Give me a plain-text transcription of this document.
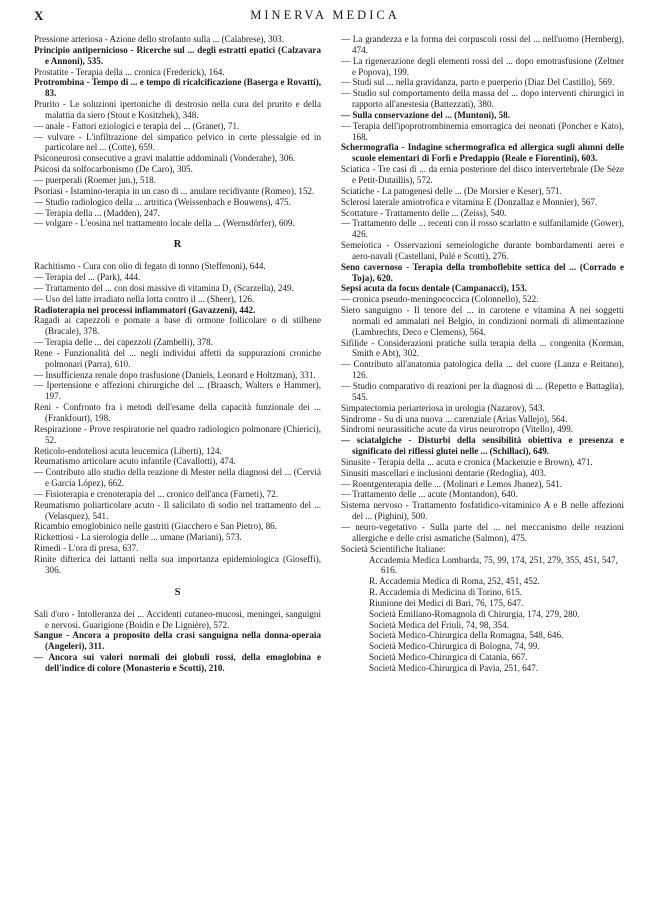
X	MINERVA MEDICA

Pressione arteriosa - Azione dello strofanto sulla ... (Calabrese), 303.

Principio antipernicioso - Ricerche sul ... degli estratti epatici (Calzavara e Annoni), 535.

Prostatite - Terapia della ... cronica (Frederick), 164.

Protrombina - Tempo di ... e tempo di ricalcificazione (Baserga e Rovatti), 83.

Prurito - Le soluzioni ipertoniche di destrosio nella cura del prurito e della malattia da siero (Stout e Kositzhek), 348.

— anale - Fattori eziologici e terapia del ... (Granet), 71.

— vulvare - L'infiltrazione del simpatico pelvico in certe plessalgie ed in particolare nel ... (Cotte), 659.

Psiconeurosi consecutive a gravi malattie addominali (Vonderahe), 306.

Psicosi da solfocarbonismo (De Caro), 305.

— puerperali (Roemer jun.), 518.

Psoriasi - Istamino-terapia in un caso di ... anulare recidivante (Romeo), 152.

— Studio radiologico della ... artritica (Weissenbach e Bouwens), 475.

— Terapia della ... (Madden), 247.

— volgare - L'eosina nel trattamento locale della ... (Wernsdörfer), 609.

R

Rachitismo - Cura con olio di fegato di tonno (Steffenoni), 644.

— Terapia del ... (Park), 444.

— Trattamento del ... con dosi massive di vitamina D₂ (Scarzella), 249.

— Uso del latte irradiato nella lotta contro il ... (Sheer), 126.

Radioterapia nei processi infiammatori (Gavazzeni), 442.

Ragadi ai capezzoli e pomate a base di ormone follicolare o di stilbene (Bracale), 378.

— Terapia delle ... dei capezzoli (Zambelli), 378.

Rene - Funzionalità del ... negli individui affetti da suppurazioni croniche polmonari (Parra), 610.

— Insufficienza renale dopo trasfusione (Daniels, Leonard e Holtzman), 331.

— Ipertensione e affezioni chirurgiche del ... (Braasch, Walters e Hammer), 197.

Reni - Confronto fra i metodi dell'esame della capacità funzionale dei ... (Frankfourt), 198.

Respirazione - Prove respiratorie nel quadro radiologico polmonare (Chierici), 52.

Reticolo-endoteliosi acuta leucemica (Liberti), 124.

Reumatismo articolare acuto infantile (Cavallotti), 474.

— Contributo allo studio della reazione di Mester nella diagnosi del ... (Cerviá e García López), 662.

— Fisioterapia e crenoterapia del ... cronico dell'anca (Farneti), 72.

Reumatismo poliarticolare acuto - Il salicilato di sodio nel trattamento del ... (Velasquez), 541.

Ricambio emoglobinico nelle gastriti (Giacchero e San Pietro), 86.

Rickettiosi - La sierologia delle ... umane (Mariani), 573.

Rimedi - L'ora di presa, 637.

Rinite difterica dei lattanti nella sua importanza epidemiologica (Gioseffi), 306.

S

Sali d'oro - Intolleranza dei ... Accidenti cutaneo-mucosi, meningei, sanguigni e nervosi. Guarigione (Boidin e De Lignière), 572.

Sangue - Ancora a proposito della crasi sanguigna nella donna-operaia (Angeleri), 311.

— Ancora sui valori normali dei globuli rossi, della emoglobina e dell'indice di colore (Monasterio e Scotti), 210.

— La grandezza e la forma dei corpuscoli rossi del ... nell'uomo (Hernberg), 474.

— La rigenerazione degli elementi rossi del ... dopo emotrasfusione (Zeltner e Popova), 199.

— Studi sul ... nella gravidanza, parto e puerperio (Diaz Del Castillo), 569.

— Studio sul comportamento della massa del ... dopo interventi chirurgici in rapporto all'anestesia (Battezzati), 380.

— Sulla conservazione del ... (Muntoni), 58.

— Terapia dell'ipoprotrombinemia emorragica dei neonati (Poncher e Kato), 168.

Schermografia - Indagine schermografica ed allergica sugli alunni delle scuole elementari di Forlì e Predappio (Reale e Fiorentini), 603.

Sciatica - Tre casi di ... da ernia posteriore del disco intervertebrale (De Sèze e Petit-Dutaillis), 572.

Sciatiche - La patogenesi delle ... (De Morsier e Keser), 571.

Sclerosi laterale amiotrofica e vitamina E (Donzallaz e Monnier), 567.

Scottature - Trattamento delle ... (Zeiss), 540.

— Trattamento delle ... recenti con il rosso scarlatto e sulfanilamide (Gower), 426.

Semeiotica - Osservazioni semeiologiche durante bombardamenti aerei e aero-navali (Castellani, Pulé e Scotti), 276.

Seno cavernoso - Terapia della tromboflebite settica del ... (Corrado e Toja), 620.

Sepsi acuta da focus dentale (Campanacci), 153.

— cronica pseudo-meningococcica (Colonnello), 522.

Siero sanguigno - Il tenore del ... in carotene e vitamina A nei soggetti normali ed ammalati nel Belgio, in condizioni normali di alimentazione (Lambrechts, Deco e Clemens), 564.

Sifilide - Considerazioni pratiche sulla terapia della ... congenita (Korman, Smith e Abt), 302.

— Contributo all'anatomia patologica della ... del cuore (Lanza e Reitano), 126.

— Studio comparativo di reazioni per la diagnosi di ... (Repetto e Battaglia), 545.

Simpatectomia periarteriosa in urologia (Nazarov), 543.

Sindrome - Su di una nuova ... carenziale (Arias Vallejo), 564.

Sindromi neurassitiche acute da virus neurotropo (Vitello), 499.

— sciatalgiche - Disturbi della sensibilità obiettiva e presenza e significato dei riflessi glutei nelle ... (Schillaci), 649.

Sinusite - Terapia della ... acuta e cronica (Mackenzie e Brown), 471.

Sinusiti mascellari e inclusioni dentarie (Redoglia), 403.

— Roentgenterapia delle ... (Molinari e Lemos Jbanez), 541.

— Trattamento delle ... acute (Montandon), 640.

Sistema nervoso - Trattamento fosfatidico-vitaminico A e B nelle affezioni del ... (Pighini), 500.

— neuro-vegetativo - Sulla parte del ... nel meccanismo delle reazioni allergiche e delle crisi asmatiche (Salmon), 475.

Società Scientifiche Italiane:

Accademia Medica Lombarda, 75, 99, 174, 251, 279, 355, 451, 547, 616.

R. Accademia Medica di Roma, 252, 451, 452.

R. Accademia di Medicina di Torino, 615.

Riunione dei Medici di Bari, 76, 175, 647.

Società Emiliano-Romagnola di Chirurgia, 174, 279, 280.

Società Medica del Friuli, 74, 98, 354.

Società Medico-Chirurgica della Romagna, 548, 646.

Società Medico-Chirurgica di Bologna, 74, 99.

Società Medico-Chirurgica di Catania, 667.

Società Medico-Chirurgica di Pavia, 251, 647.
